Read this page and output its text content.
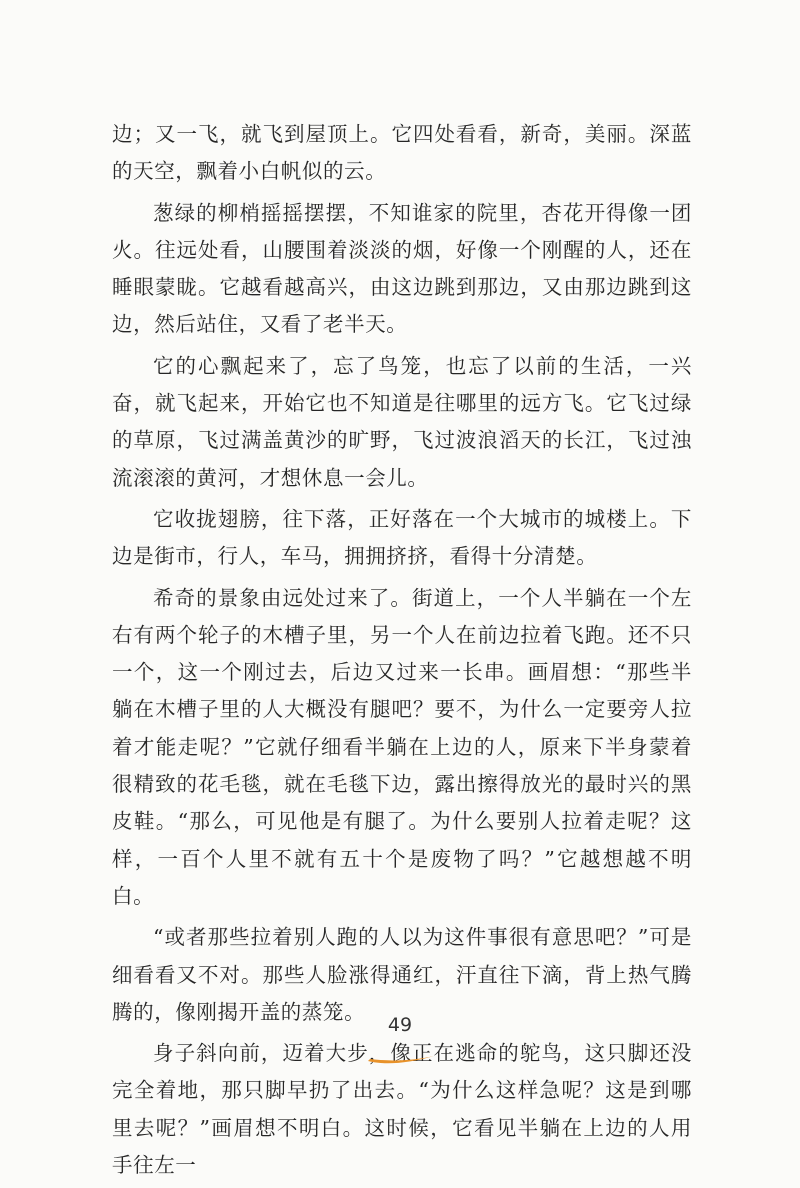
边；又一飞，就飞到屋顶上。它四处看看，新奇，美丽。深蓝的天空，飘着小白帆似的云。

葱绿的柳梢摇摇摆摆，不知谁家的院里，杏花开得像一团火。往远处看，山腰围着淡淡的烟，好像一个刚醒的人，还在睡眼蒙眬。它越看越高兴，由这边跳到那边，又由那边跳到这边，然后站住，又看了老半天。

它的心飘起来了，忘了鸟笼，也忘了以前的生活，一兴奋，就飞起来，开始它也不知道是往哪里的远方飞。它飞过绿的草原，飞过满盖黄沙的旷野，飞过波浪滔天的长江，飞过浊流滚滚的黄河，才想休息一会儿。

它收拢翅膀，往下落，正好落在一个大城市的城楼上。下边是街市，行人，车马，拥拥挤挤，看得十分清楚。

希奇的景象由远处过来了。街道上，一个人半躺在一个左右有两个轮子的木槽子里，另一个人在前边拉着飞跑。还不只一个，这一个刚过去，后边又过来一长串。画眉想：“那些半躺在木槽子里的人大概没有腿吧？要不，为什么一定要旁人拉着才能走呢？”它就仔细看半躺在上边的人，原来下半身蒙着很精致的花毛毯，就在毛毯下边，露出擦得放光的最时兴的黑皮鞋。“那么，可见他是有腿了。为什么要别人拉着走呢？这样，一百个人里不就有五十个是废物了吗？”它越想越不明白。

“或者那些拉着别人跑的人以为这件事很有意思吧？”可是细看看又不对。那些人脸涨得通红，汗直往下滴，背上热气腾腾的，像刚揭开盖的蒸笼。

身子斜向前，迈着大步，像正在逃命的鸵鸟，这只脚还没完全着地，那只脚早扔了出去。“为什么这样急呢？这是到哪里去呢？”画眉想不明白。这时候，它看见半躺在上边的人用手往左一

49
